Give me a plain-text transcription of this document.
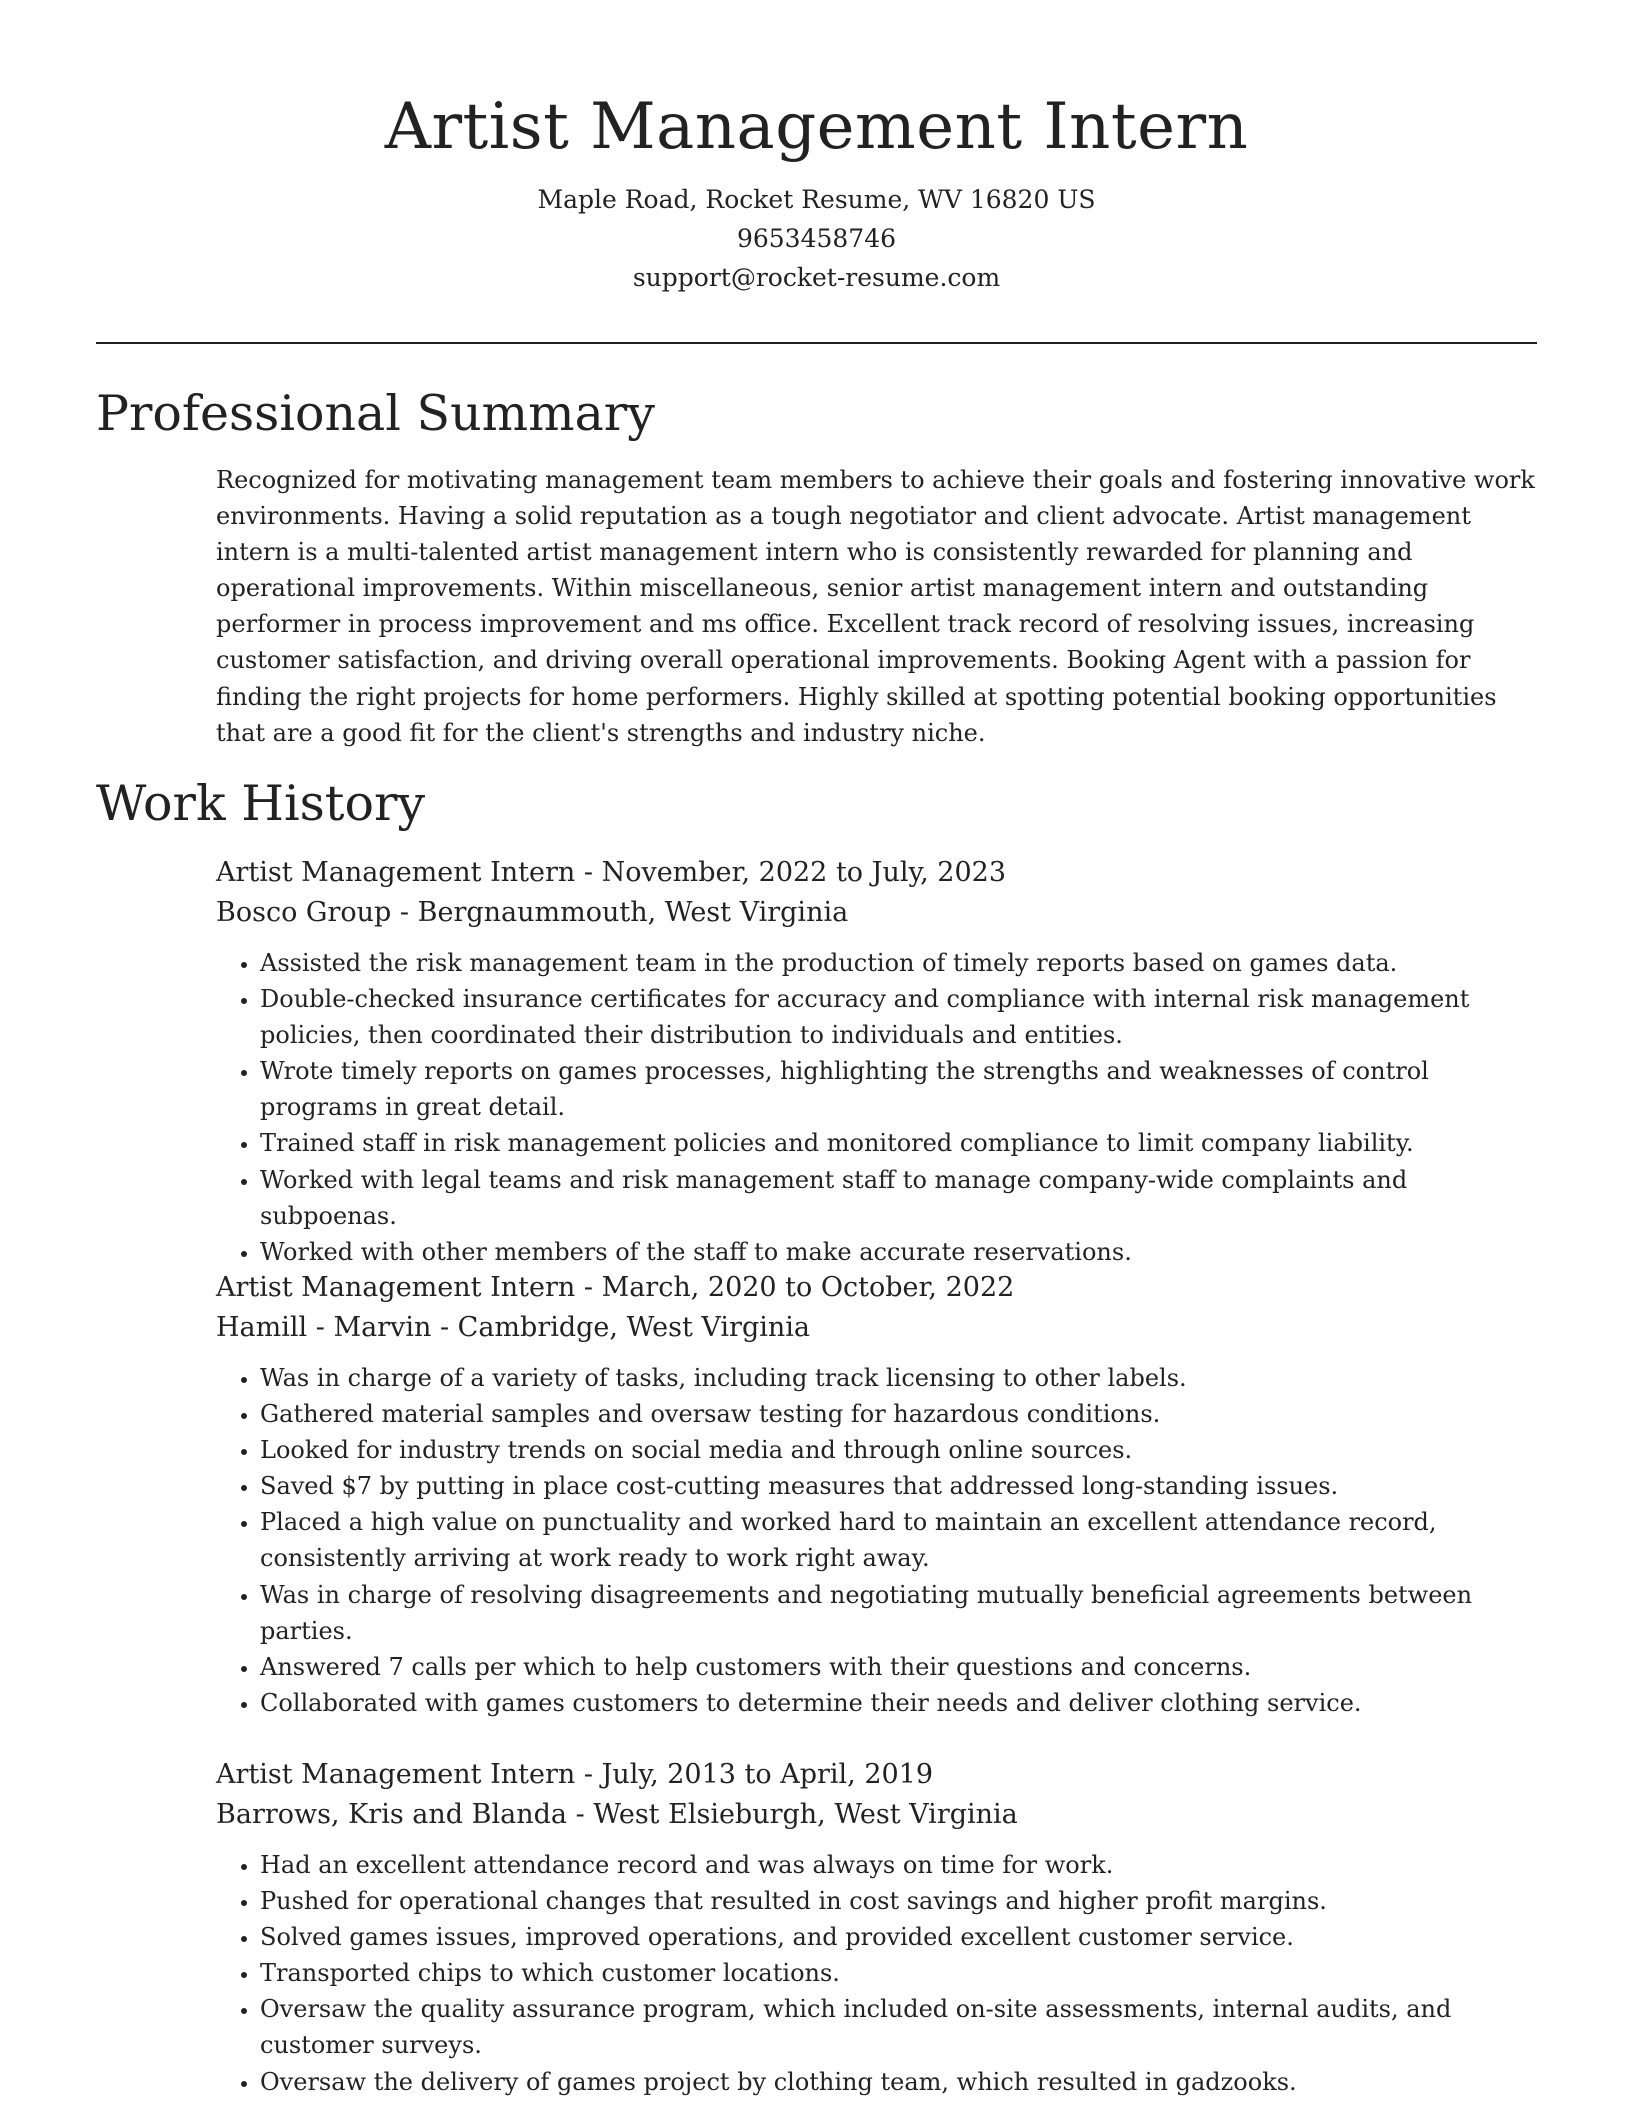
Artist Management Intern
Maple Road, Rocket Resume, WV 16820 US
9653458746
support@rocket-resume.com
Professional Summary

Recognized for motivating management team members to achieve their goals and fostering innovative work environments. Having a solid reputation as a tough negotiator and client advocate. Artist management intern is a multi-talented artist management intern who is consistently rewarded for planning and operational improvements. Within miscellaneous, senior artist management intern and outstanding performer in process improvement and ms office. Excellent track record of resolving issues, increasing customer satisfaction, and driving overall operational improvements. Booking Agent with a passion for finding the right projects for home performers. Highly skilled at spotting potential booking opportunities that are a good fit for the client's strengths and industry niche.

Work History
Artist Management Intern - November, 2022 to July, 2023
Bosco Group - Bergnaummouth, West Virginia
• Assisted the risk management team in the production of timely reports based on games data.
• Double-checked insurance certificates for accuracy and compliance with internal risk management policies, then coordinated their distribution to individuals and entities.
• Wrote timely reports on games processes, highlighting the strengths and weaknesses of control programs in great detail.
• Trained staff in risk management policies and monitored compliance to limit company liability.
• Worked with legal teams and risk management staff to manage company-wide complaints and subpoenas.
• Worked with other members of the staff to make accurate reservations.
Artist Management Intern - March, 2020 to October, 2022
Hamill - Marvin - Cambridge, West Virginia
• Was in charge of a variety of tasks, including track licensing to other labels.
• Gathered material samples and oversaw testing for hazardous conditions.
• Looked for industry trends on social media and through online sources.
• Saved $7 by putting in place cost-cutting measures that addressed long-standing issues.
• Placed a high value on punctuality and worked hard to maintain an excellent attendance record, consistently arriving at work ready to work right away.
• Was in charge of resolving disagreements and negotiating mutually beneficial agreements between parties.
• Answered 7 calls per which to help customers with their questions and concerns.
• Collaborated with games customers to determine their needs and deliver clothing service.
Artist Management Intern - July, 2013 to April, 2019
Barrows, Kris and Blanda - West Elsieburgh, West Virginia
• Had an excellent attendance record and was always on time for work.
• Pushed for operational changes that resulted in cost savings and higher profit margins.
• Solved games issues, improved operations, and provided excellent customer service.
• Transported chips to which customer locations.
• Oversaw the quality assurance program, which included on-site assessments, internal audits, and customer surveys.
• Oversaw the delivery of games project by clothing team, which resulted in gadzooks.
